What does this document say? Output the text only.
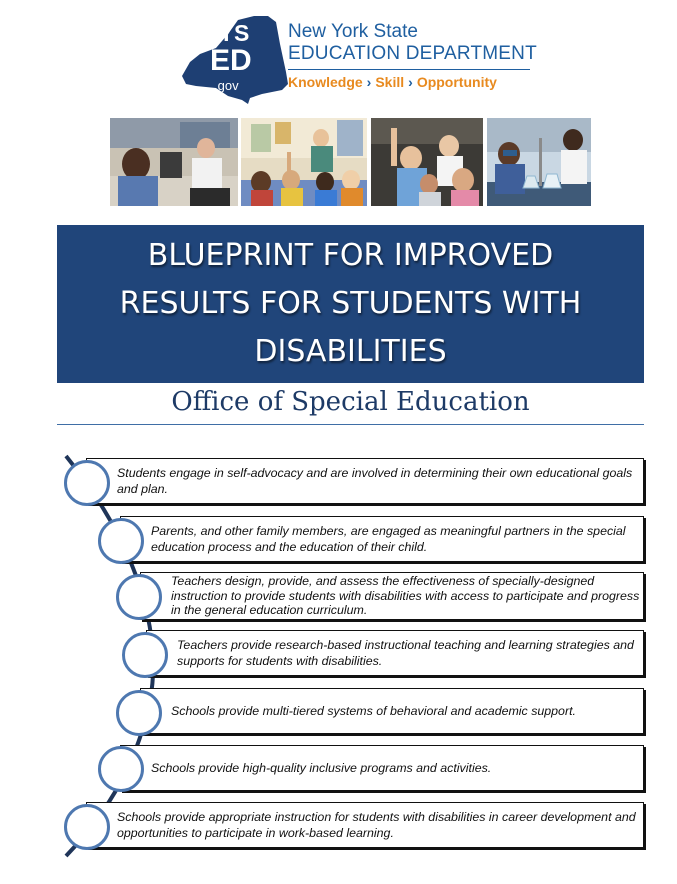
NYS
ED
.gov
New York State
EDUCATION DEPARTMENT
Knowledge › Skill › Opportunity
BLUEPRINT FOR IMPROVED RESULTS FOR STUDENTS WITH DISABILITIES
Office of Special Education
Students engage in self-advocacy and are involved in determining their own educational goals and plan.
Parents, and other family members, are engaged as meaningful partners in the special education process and the education of their child.
Teachers design, provide, and assess the effectiveness of specially-designed instruction to provide students with disabilities with access to participate and progress in the general education curriculum.
Teachers provide research-based instructional teaching and learning strategies and supports for students with disabilities.
Schools provide multi-tiered systems of behavioral and academic support.
Schools provide high-quality inclusive programs and activities.
Schools provide appropriate instruction for students with disabilities in career development and opportunities to participate in work-based learning.
